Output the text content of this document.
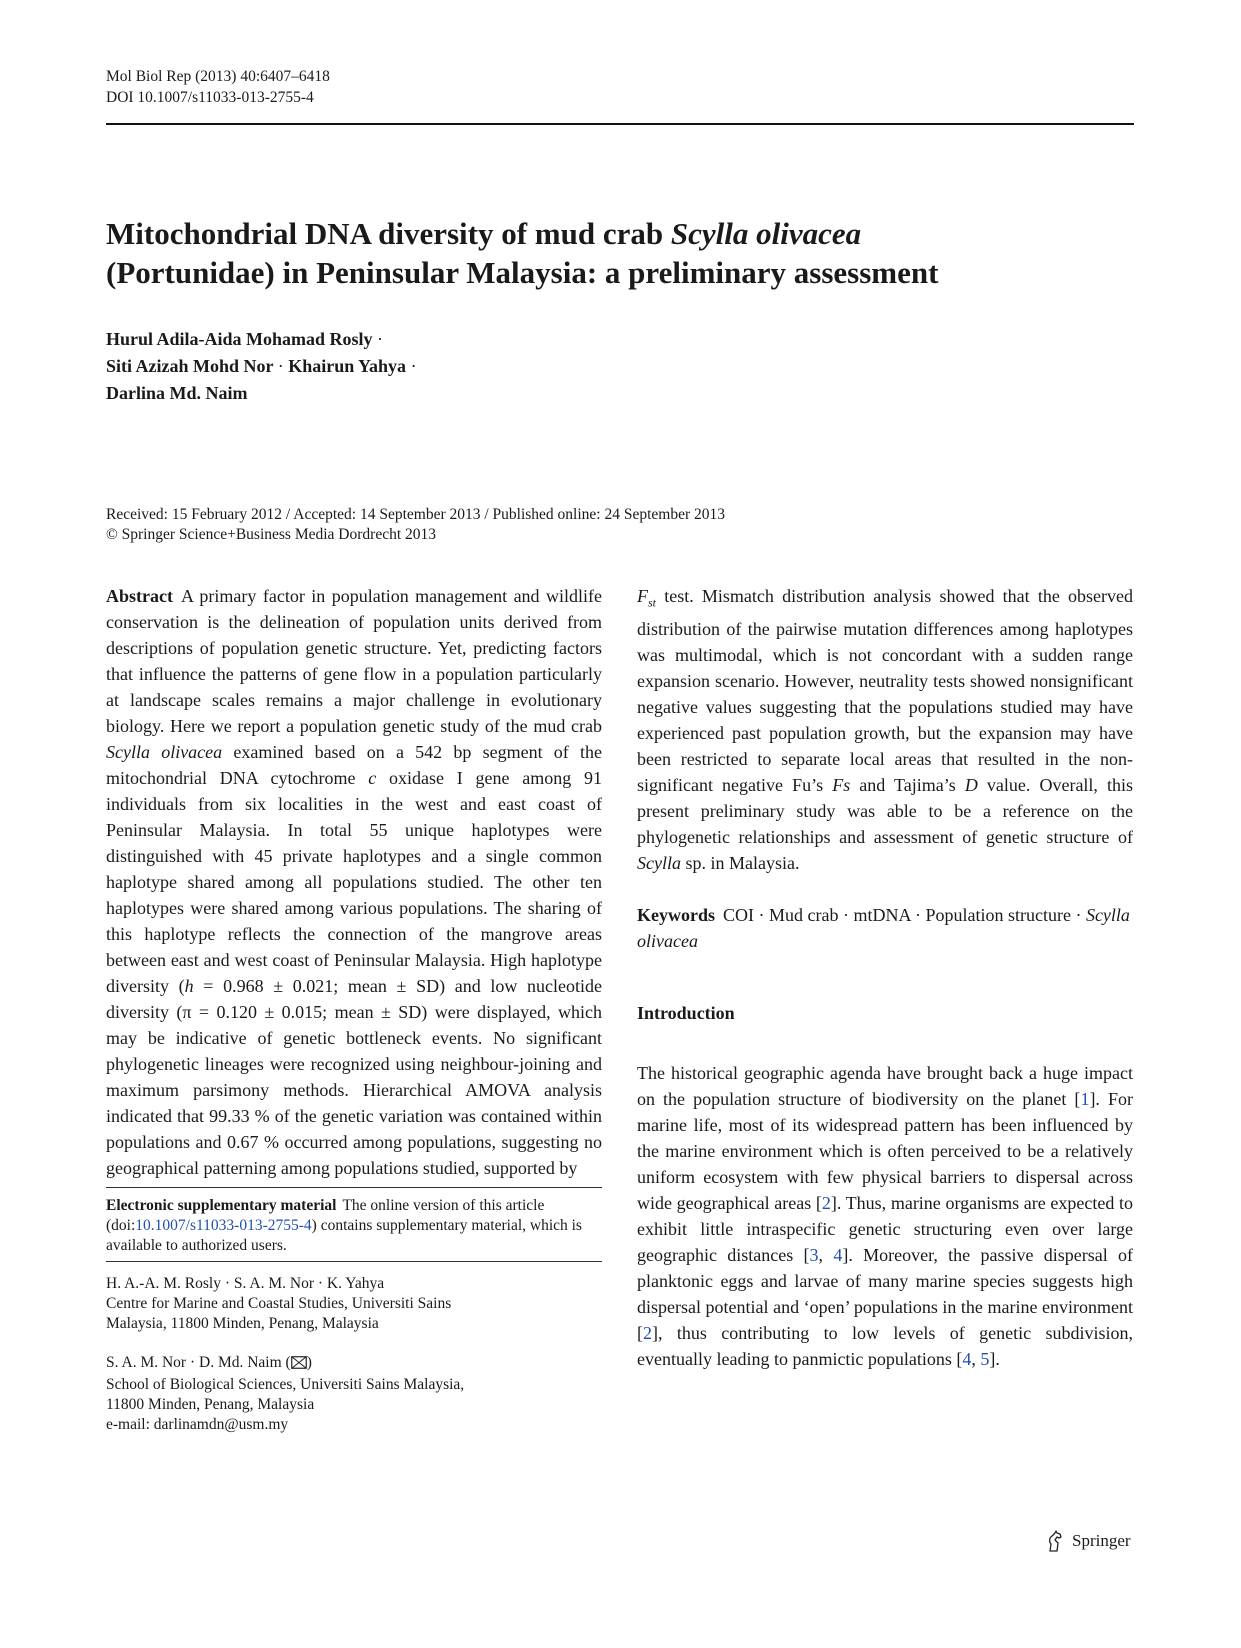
Mol Biol Rep (2013) 40:6407–6418
DOI 10.1007/s11033-013-2755-4
Mitochondrial DNA diversity of mud crab Scylla olivacea
(Portunidae) in Peninsular Malaysia: a preliminary assessment
Hurul Adila-Aida Mohamad Rosly ·
Siti Azizah Mohd Nor · Khairun Yahya ·
Darlina Md. Naim
Received: 15 February 2012 / Accepted: 14 September 2013 / Published online: 24 September 2013
© Springer Science+Business Media Dordrecht 2013

Abstract A primary factor in population management and wildlife conservation is the delineation of population units derived from descriptions of population genetic structure. Yet, predicting factors that influence the patterns of gene flow in a population particularly at landscape scales remains a major challenge in evolutionary biology. Here we report a population genetic study of the mud crab Scylla olivacea examined based on a 542 bp segment of the mitochondrial DNA cytochrome c oxidase I gene among 91 individuals from six localities in the west and east coast of Peninsular Malaysia. In total 55 unique haplotypes were distinguished with 45 private haplotypes and a single common haplotype shared among all populations studied. The other ten haplotypes were shared among various populations. The sharing of this haplotype reflects the connection of the mangrove areas between east and west coast of Peninsular Malaysia. High haplotype diversity (h = 0.968 ± 0.021; mean ± SD) and low nucleotide diversity (π = 0.120 ± 0.015; mean ± SD) were displayed, which may be indicative of genetic bottleneck events. No significant phylogenetic lineages were recognized using neighbour-joining and maximum parsimony methods. Hierarchical AMOVA analysis indicated that 99.33 % of the genetic variation was contained within populations and 0.67 % occurred among populations, suggesting no geographical patterning among populations studied, supported by

$F_{st}$ test. Mismatch distribution analysis showed that the observed distribution of the pairwise mutation differences among haplotypes was multimodal, which is not concordant with a sudden range expansion scenario. However, neutrality tests showed nonsignificant negative values suggesting that the populations studied may have experienced past population growth, but the expansion may have been restricted to separate local areas that resulted in the non-significant negative Fu’s Fs and Tajima’s D value. Overall, this present preliminary study was able to be a reference on the phylogenetic relationships and assessment of genetic structure of Scylla sp. in Malaysia.

Keywords COI · Mud crab · mtDNA · Population structure · Scylla olivacea

Introduction

The historical geographic agenda have brought back a huge impact on the population structure of biodiversity on the planet [1]. For marine life, most of its widespread pattern has been influenced by the marine environment which is often perceived to be a relatively uniform ecosystem with few physical barriers to dispersal across wide geographical areas [2]. Thus, marine organisms are expected to exhibit little intraspecific genetic structuring even over large geographic distances [3, 4]. Moreover, the passive dispersal of planktonic eggs and larvae of many marine species suggests high dispersal potential and ‘open’ populations in the marine environment [2], thus contributing to low levels of genetic subdivision, eventually leading to panmictic populations [4, 5].

Electronic supplementary material The online version of this article (doi:10.1007/s11033-013-2755-4) contains supplementary material, which is available to authorized users.
H. A.-A. M. Rosly · S. A. M. Nor · K. Yahya
Centre for Marine and Coastal Studies, Universiti Sains
Malaysia, 11800 Minden, Penang, Malaysia
S. A. M. Nor · D. Md. Naim ( )
School of Biological Sciences, Universiti Sains Malaysia,
11800 Minden, Penang, Malaysia
e-mail: darlinamdn@usm.my
Springer
